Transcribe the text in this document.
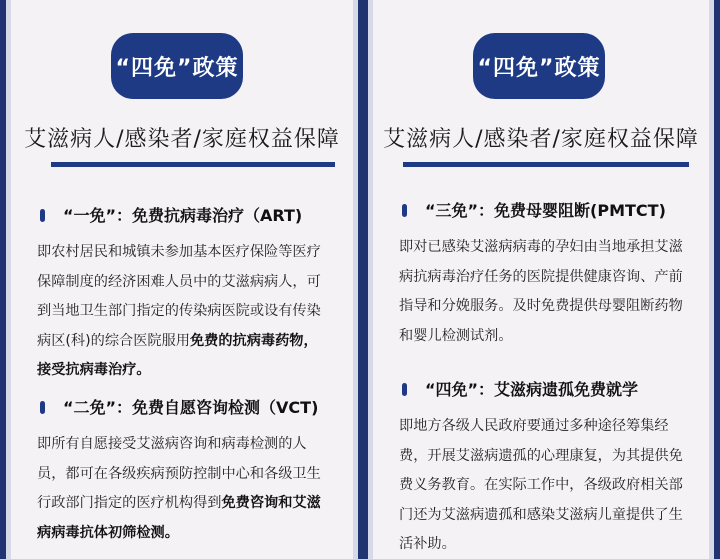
“四免”政策
艾滋病人/感染者/家庭权益保障
“一免”：免费抗病毒治疗（ART)
即农村居民和城镇未参加基本医疗保险等医疗保障制度的经济困难人员中的艾滋病病人，可到当地卫生部门指定的传染病医院或设有传染病区(科)的综合医院服用免费的抗病毒药物，接受抗病毒治疗。
“二免”：免费自愿咨询检测（VCT)
即所有自愿接受艾滋病咨询和病毒检测的人员，都可在各级疾病预防控制中心和各级卫生行政部门指定的医疗机构得到免费咨询和艾滋病病毒抗体初筛检测。
“四免”政策
艾滋病人/感染者/家庭权益保障
“三免”：免费母婴阻断(PMTCT)
即对已感染艾滋病病毒的孕妇由当地承担艾滋病抗病毒治疗任务的医院提供健康咨询、产前指导和分娩服务。及时免费提供母婴阻断药物和婴儿检测试剂。
“四免”：艾滋病遗孤免费就学
即地方各级人民政府要通过多种途径筹集经费，开展艾滋病遗孤的心理康复，为其提供免费义务教育。在实际工作中，各级政府相关部门还为艾滋病遗孤和感染艾滋病儿童提供了生活补助。
